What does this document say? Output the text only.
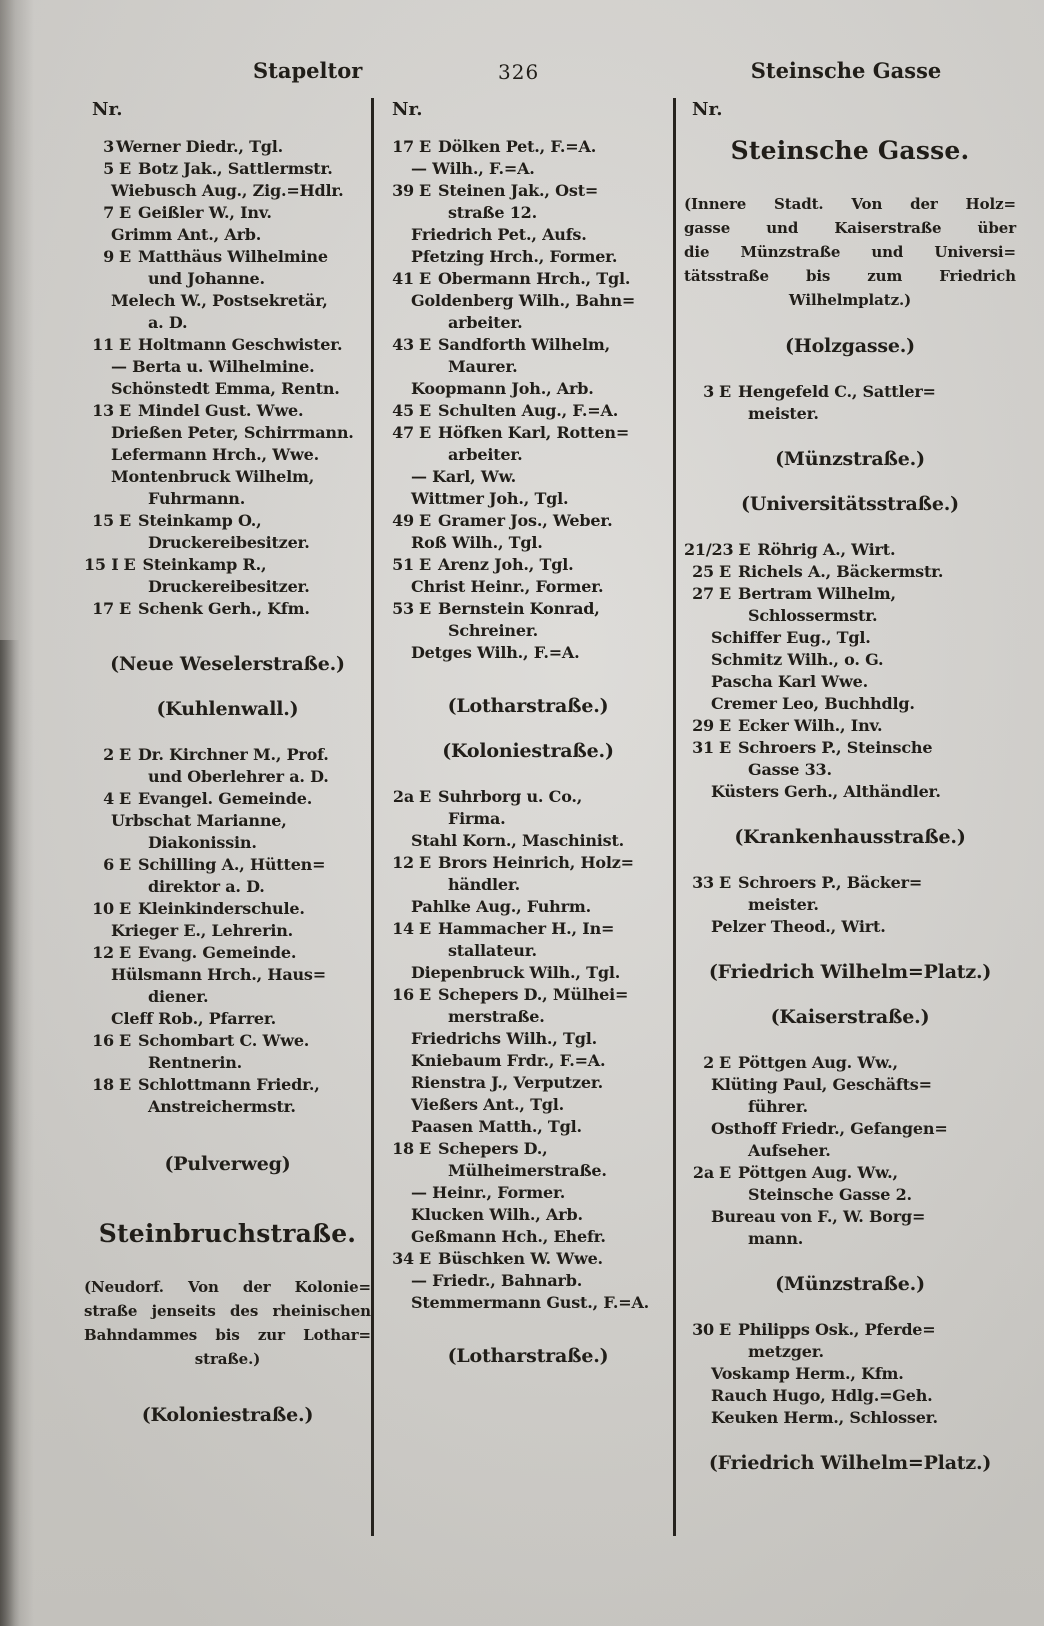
Stapeltor	326	Steinsche Gasse
Nr.
3 Werner Diedr., Tgl.
5 E Botz Jak., Sattlermstr.
Wiebusch Aug., Zig.=Hdlr.
7 E Geißler W., Inv.
Grimm Ant., Arb.
9 E Matthäus Wilhelmine
und Johanne.
Melech W., Postsekretär,
a. D.
11 E Holtmann Geschwister.
— Berta u. Wilhelmine.
Schönstedt Emma, Rentn.
13 E Mindel Gust. Wwe.
Drießen Peter, Schirrmann.
Lefermann Hrch., Wwe.
Montenbruck Wilhelm,
Fuhrmann.
15 E Steinkamp O.,
Druckereibesitzer.
15 I E Steinkamp R.,
Druckereibesitzer.
17 E Schenk Gerh., Kfm.
(Neue Weselerstraße.)
(Kuhlenwall.)
2 E Dr. Kirchner M., Prof.
und Oberlehrer a. D.
4 E Evangel. Gemeinde.
Urbschat Marianne,
Diakonissin.
6 E Schilling A., Hütten=
direktor a. D.
10 E Kleinkinderschule.
Krieger E., Lehrerin.
12 E Evang. Gemeinde.
Hülsmann Hrch., Haus=
diener.
Cleff Rob., Pfarrer.
16 E Schombart C. Wwe.
Rentnerin.
18 E Schlottmann Friedr.,
Anstreichermstr.
(Pulverweg)
Steinbruchstraße.
(Neudorf. Von der Kolonie=
straße jenseits des rheinischen
Bahndammes bis zur Lothar=
straße.)
(Koloniestraße.)
Nr.
17 E Dölken Pet., F.=A.
— Wilh., F.=A.
39 E Steinen Jak., Ost=
straße 12.
Friedrich Pet., Aufs.
Pfetzing Hrch., Former.
41 E Obermann Hrch., Tgl.
Goldenberg Wilh., Bahn=
arbeiter.
43 E Sandforth Wilhelm,
Maurer.
Koopmann Joh., Arb.
45 E Schulten Aug., F.=A.
47 E Höfken Karl, Rotten=
arbeiter.
— Karl, Ww.
Wittmer Joh., Tgl.
49 E Gramer Jos., Weber.
Roß Wilh., Tgl.
51 E Arenz Joh., Tgl.
Christ Heinr., Former.
53 E Bernstein Konrad,
Schreiner.
Detges Wilh., F.=A.
(Lotharstraße.)
(Koloniestraße.)
2a E Suhrborg u. Co.,
Firma.
Stahl Korn., Maschinist.
12 E Brors Heinrich, Holz=
händler.
Pahlke Aug., Fuhrm.
14 E Hammacher H., In=
stallateur.
Diepenbruck Wilh., Tgl.
16 E Schepers D., Mülhei=
merstraße.
Friedrichs Wilh., Tgl.
Kniebaum Frdr., F.=A.
Rienstra J., Verputzer.
Vießers Ant., Tgl.
Paasen Matth., Tgl.
18 E Schepers D.,
Mülheimerstraße.
— Heinr., Former.
Klucken Wilh., Arb.
Geßmann Hch., Ehefr.
34 E Büschken W. Wwe.
— Friedr., Bahnarb.
Stemmermann Gust., F.=A.
(Lotharstraße.)
Nr.
Steinsche Gasse.
(Innere Stadt. Von der Holz=
gasse und Kaiserstraße über
die Münzstraße und Universi=
tätsstraße bis zum Friedrich
Wilhelmplatz.)
(Holzgasse.)
3 E Hengefeld C., Sattler=
meister.
(Münzstraße.)
(Universitätsstraße.)
21/23 E Röhrig A., Wirt.
25 E Richels A., Bäckermstr.
27 E Bertram Wilhelm,
Schlossermstr.
Schiffer Eug., Tgl.
Schmitz Wilh., o. G.
Pascha Karl Wwe.
Cremer Leo, Buchhdlg.
29 E Ecker Wilh., Inv.
31 E Schroers P., Steinsche
Gasse 33.
Küsters Gerh., Althändler.
(Krankenhausstraße.)
33 E Schroers P., Bäcker=
meister.
Pelzer Theod., Wirt.
(Friedrich Wilhelm=Platz.)
(Kaiserstraße.)
2 E Pöttgen Aug. Ww.,
Klüting Paul, Geschäfts=
führer.
Osthoff Friedr., Gefangen=
Aufseher.
2a E Pöttgen Aug. Ww.,
Steinsche Gasse 2.
Bureau von F., W. Borg=
mann.
(Münzstraße.)
30 E Philipps Osk., Pferde=
metzger.
Voskamp Herm., Kfm.
Rauch Hugo, Hdlg.=Geh.
Keuken Herm., Schlosser.
(Friedrich Wilhelm=Platz.)
